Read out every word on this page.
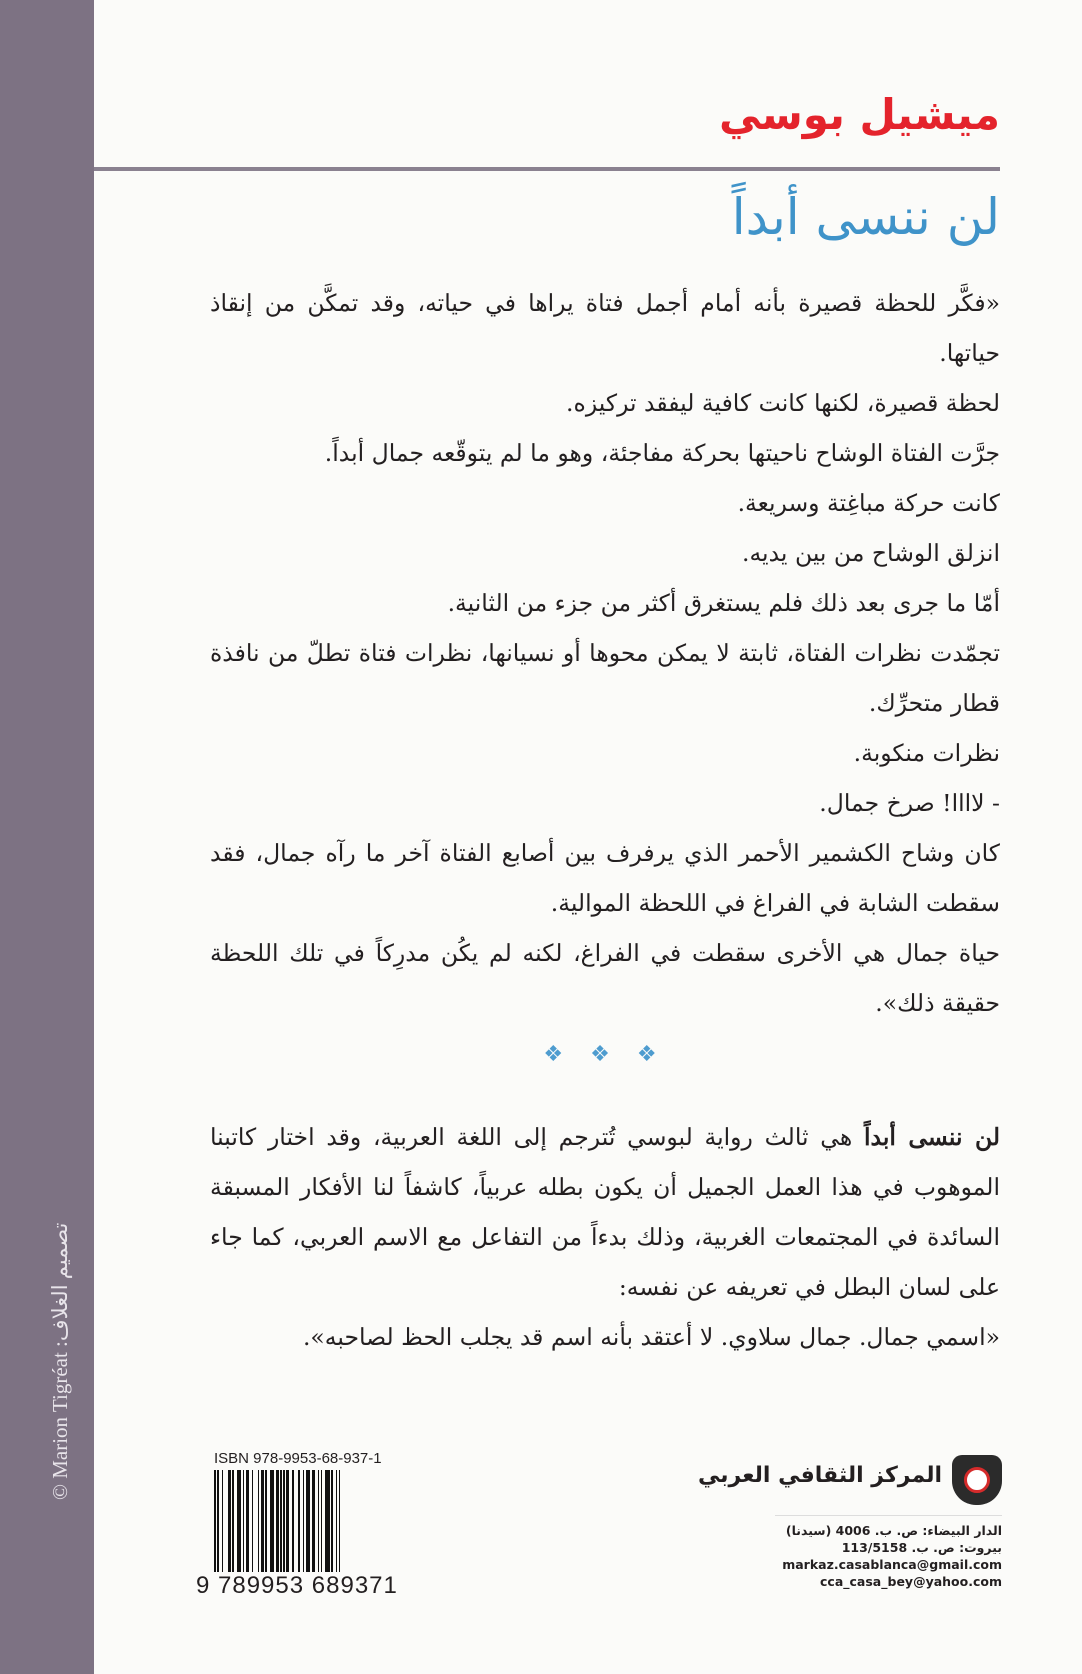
© Marion Tigréat :تصميم الغلاف
ميشيل بوسي
لن ننسى أبداً

«فكَّر للحظة قصيرة بأنه أمام أجمل فتاة يراها في حياته، وقد تمكَّن من إنقاذ حياتها.

لحظة قصيرة، لكنها كانت كافية ليفقد تركيزه.

جرَّت الفتاة الوشاح ناحيتها بحركة مفاجئة، وهو ما لم يتوقّعه جمال أبداً.

كانت حركة مباغِتة وسريعة.

انزلق الوشاح من بين يديه.

أمّا ما جرى بعد ذلك فلم يستغرق أكثر من جزء من الثانية.

تجمّدت نظرات الفتاة، ثابتة لا يمكن محوها أو نسيانها، نظرات فتاة تطلّ من نافذة قطار متحرِّك.

نظرات منكوبة.

- لاااا! صرخ جمال.

كان وشاح الكشمير الأحمر الذي يرفرف بين أصابع الفتاة آخر ما رآه جمال، فقد سقطت الشابة في الفراغ في اللحظة الموالية.

حياة جمال هي الأخرى سقطت في الفراغ، لكنه لم يكُن مدرِكاً في تلك اللحظة حقيقة ذلك».

❖ ❖ ❖

لن ننسى أبداً هي ثالث رواية لبوسي تُترجم إلى اللغة العربية، وقد اختار كاتبنا الموهوب في هذا العمل الجميل أن يكون بطله عربياً، كاشفاً لنا الأفكار المسبقة السائدة في المجتمعات الغربية، وذلك بدءاً من التفاعل مع الاسم العربي، كما جاء على لسان البطل في تعريفه عن نفسه:

«اسمي جمال. جمال سلاوي. لا أعتقد بأنه اسم قد يجلب الحظ لصاحبه».

ISBN 978-9953-68-937-1
9 789953 689371
المركز الثقافي العربي
الدار البيضاء: ص. ب. 4006 (سيدنا)
بيروت: ص. ب. 113/5158
markaz.casablanca@gmail.com
cca_casa_bey@yahoo.com
